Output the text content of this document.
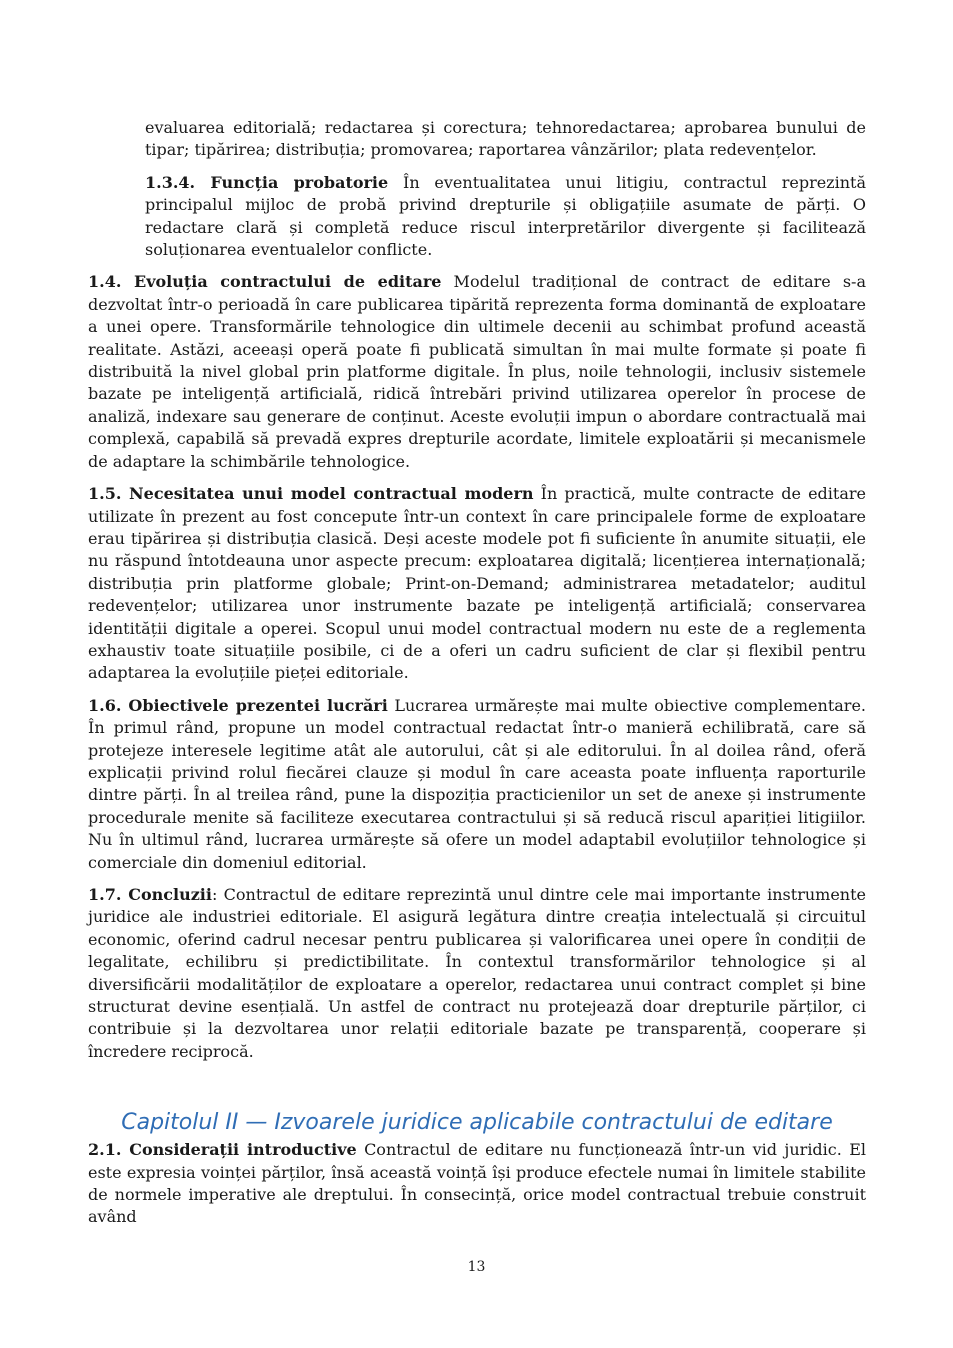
evaluarea editorială; redactarea și corectura; tehnoredactarea; aprobarea bunului de tipar; tipărirea; distribuția; promovarea; raportarea vânzărilor; plata redevențelor.

1.3.4. Funcția probatorie În eventualitatea unui litigiu, contractul reprezintă principalul mijloc de probă privind drepturile și obligațiile asumate de părți. O redactare clară și completă reduce riscul interpretărilor divergente și facilitează soluționarea eventualelor conflicte.

1.4. Evoluția contractului de editare Modelul tradițional de contract de editare s-a dezvoltat într-o perioadă în care publicarea tipărită reprezenta forma dominantă de exploatare a unei opere. Transformările tehnologice din ultimele decenii au schimbat profund această realitate. Astăzi, aceeași operă poate fi publicată simultan în mai multe formate și poate fi distribuită la nivel global prin platforme digitale. În plus, noile tehnologii, inclusiv sistemele bazate pe inteligență artificială, ridică întrebări privind utilizarea operelor în procese de analiză, indexare sau generare de conținut. Aceste evoluții impun o abordare contractuală mai complexă, capabilă să prevadă expres drepturile acordate, limitele exploatării și mecanismele de adaptare la schimbările tehnologice.

1.5. Necesitatea unui model contractual modern În practică, multe contracte de editare utilizate în prezent au fost concepute într-un context în care principalele forme de exploatare erau tipărirea și distribuția clasică. Deși aceste modele pot fi suficiente în anumite situații, ele nu răspund întotdeauna unor aspecte precum: exploatarea digitală; licențierea internațională; distribuția prin platforme globale; Print-on-Demand; administrarea metadatelor; auditul redevențelor; utilizarea unor instrumente bazate pe inteligență artificială; conservarea identității digitale a operei. Scopul unui model contractual modern nu este de a reglementa exhaustiv toate situațiile posibile, ci de a oferi un cadru suficient de clar și flexibil pentru adaptarea la evoluțiile pieței editoriale.

1.6. Obiectivele prezentei lucrări Lucrarea urmărește mai multe obiective complementare. În primul rând, propune un model contractual redactat într-o manieră echilibrată, care să protejeze interesele legitime atât ale autorului, cât și ale editorului. În al doilea rând, oferă explicații privind rolul fiecărei clauze și modul în care aceasta poate influența raporturile dintre părți. În al treilea rând, pune la dispoziția practicienilor un set de anexe și instrumente procedurale menite să faciliteze executarea contractului și să reducă riscul apariției litigiilor. Nu în ultimul rând, lucrarea urmărește să ofere un model adaptabil evoluțiilor tehnologice și comerciale din domeniul editorial.

1.7. Concluzii: Contractul de editare reprezintă unul dintre cele mai importante instrumente juridice ale industriei editoriale. El asigură legătura dintre creația intelectuală și circuitul economic, oferind cadrul necesar pentru publicarea și valorificarea unei opere în condiții de legalitate, echilibru și predictibilitate. În contextul transformărilor tehnologice și al diversificării modalităților de exploatare a operelor, redactarea unui contract complet și bine structurat devine esențială. Un astfel de contract nu protejează doar drepturile părților, ci contribuie și la dezvoltarea unor relații editoriale bazate pe transparență, cooperare și încredere reciprocă.

Capitolul II — Izvoarele juridice aplicabile contractului de editare

2.1. Considerații introductive Contractul de editare nu funcționează într-un vid juridic. El este expresia voinței părților, însă această voință își produce efectele numai în limitele stabilite de normele imperative ale dreptului. În consecință, orice model contractual trebuie construit având

13
